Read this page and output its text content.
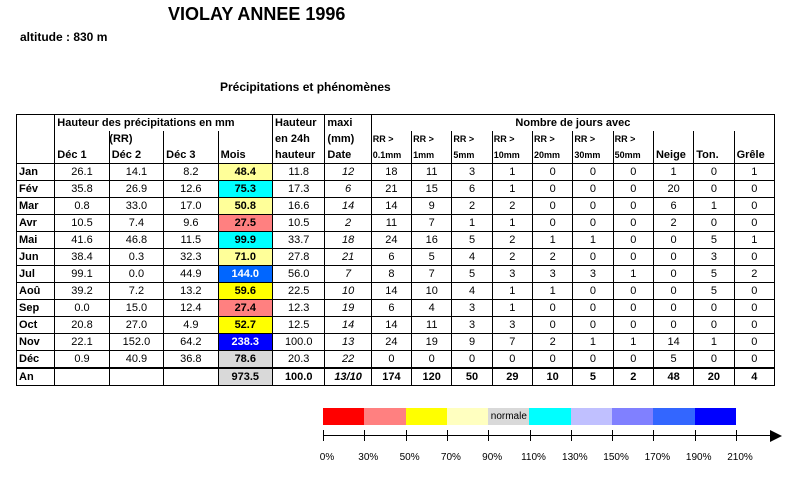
VIOLAY ANNEE 1996
altitude : 830 m
Précipitations et phénomènes
	Hauteur des précipitations en mm				Hauteur	maxi	Nombre de jours avec									
	(RR)				en 24h	(mm)	RR >	RR >	RR >	RR >	RR >	RR >	RR >			
	Déc 1	Déc 2	Déc 3	Mois	hauteur	Date	0.1mm	1mm	5mm	10mm	20mm	30mm	50mm	Neige	Ton.	Grêle
Jan	26.1	14.1	8.2	48.4	11.8	12	18	11	3	1	0	0	0	1	0	1
Fév	35.8	26.9	12.6	75.3	17.3	6	21	15	6	1	0	0	0	20	0	0
Mar	0.8	33.0	17.0	50.8	16.6	14	14	9	2	2	0	0	0	6	1	0
Avr	10.5	7.4	9.6	27.5	10.5	2	11	7	1	1	0	0	0	2	0	0
Mai	41.6	46.8	11.5	99.9	33.7	18	24	16	5	2	1	1	0	0	5	1
Jun	38.4	0.3	32.3	71.0	27.8	21	6	5	4	2	2	0	0	0	3	0
Jul	99.1	0.0	44.9	144.0	56.0	7	8	7	5	3	3	3	1	0	5	2
Aoû	39.2	7.2	13.2	59.6	22.5	10	14	10	4	1	1	0	0	0	5	0
Sep	0.0	15.0	12.4	27.4	12.3	19	6	4	3	1	0	0	0	0	0	0
Oct	20.8	27.0	4.9	52.7	12.5	14	14	11	3	3	0	0	0	0	0	0
Nov	22.1	152.0	64.2	238.3	100.0	13	24	19	9	7	2	1	1	14	1	0
Déc	0.9	40.9	36.8	78.6	20.3	22	0	0	0	0	0	0	0	5	0	0
An				973.5	100.0	13/10	174	120	50	29	10	5	2	48	20	4
normale
0% 30% 50% 70% 90% 110% 130% 150% 170% 190% 210%
